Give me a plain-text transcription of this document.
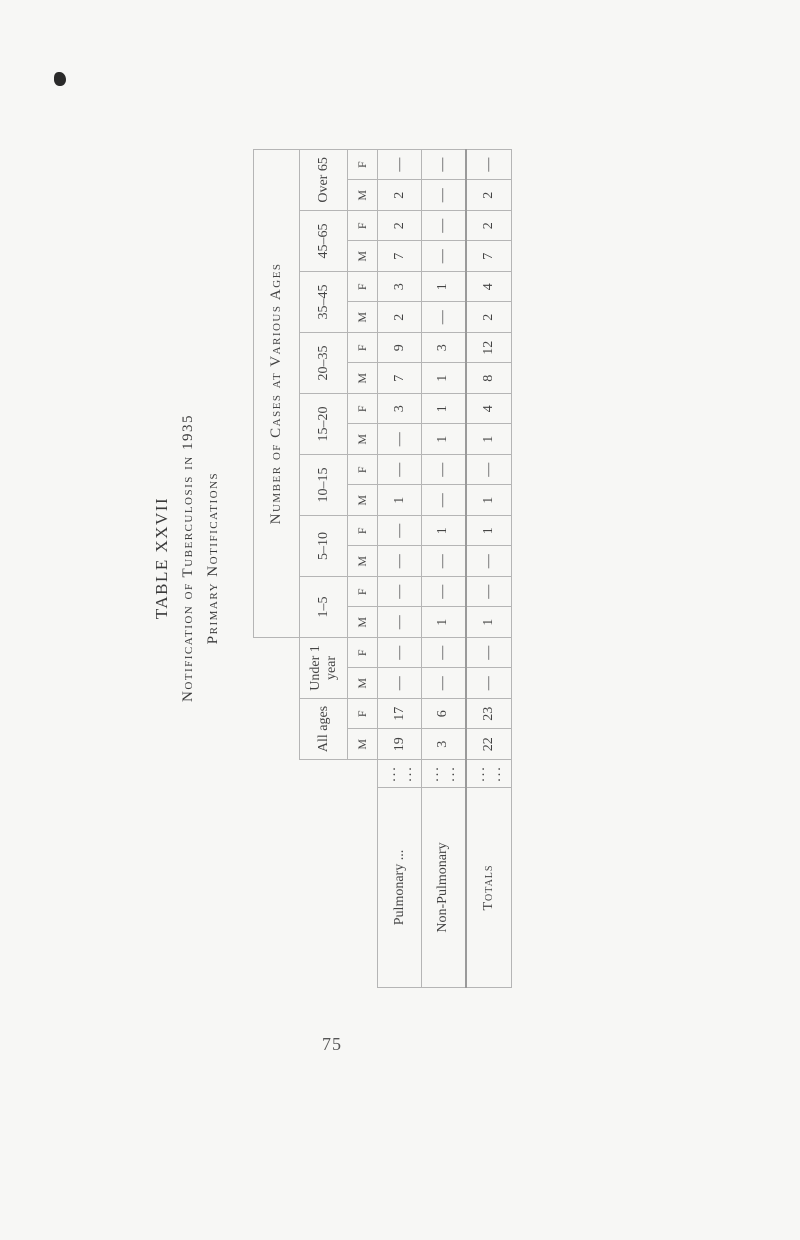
TABLE XXVII Notification of Tuberculosis in 1935 Primary Notifications
						Number of Cases at Various Ages															
		All ages		Under 1 year		1–5		5–10		10–15		15–20		20–35		35–45		45–65		Over 65	
		M	F	M	F	M	F	M	F	M	F	M	F	M	F	M	F	M	F	M	F
Pulmonary ...	... ...	19	17	—	—	—	—	—	—	1	—	—	3	7	9	2	3	7	2	2	—
Non-Pulmonary	... ...	3	6	—	—	1	—	—	1	—	—	1	1	1	3	—	1	—	—	—	—
Totals	... ...	22	23	—	—	1	—	—	1	1	—	1	4	8	12	2	4	7	2	2	—
75
